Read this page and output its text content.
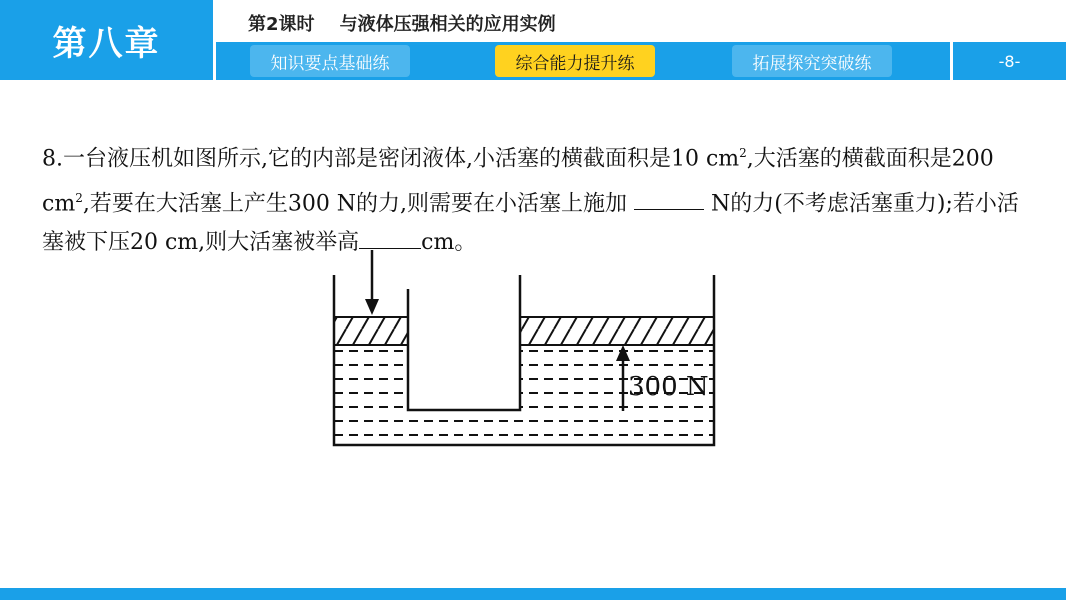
第八章	第2课时    与液体压强相关的应用实例
知识要点基础练	综合能力提升练	拓展探究突破练	-8-
8.一台液压机如图所示,它的内部是密闭液体,小活塞的横截面积是10 $cm^2$,大活塞的横截面积是200 $cm^2$,若要在大活塞上产生300 N的力,则需要在小活塞上施加	N的力(不考虑活塞重力);若小活塞被下压20 cm,则大活塞被举高	cm。
300 N
